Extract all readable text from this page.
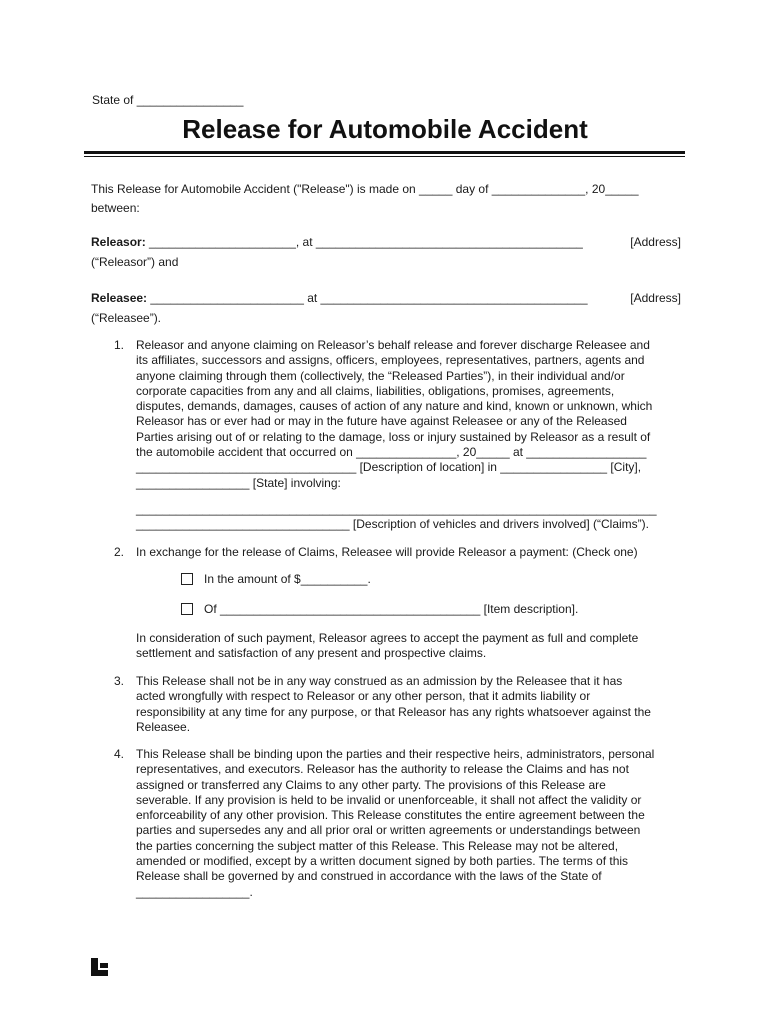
State of ________________
Release for Automobile Accident
This Release for Automobile Accident ("Release") is made on _____ day of ______________, 20_____ between:
Releasor: ______________________, at ________________________________________	[Address]
(“Releasor”) and
Releasee: _______________________ at ________________________________________	[Address]
(“Releasee”).
1. Releasor and anyone claiming on Releasor’s behalf release and forever discharge Releasee and
its affiliates, successors and assigns, officers, employees, representatives, partners, agents and
anyone claiming through them (collectively, the “Released Parties”), in their individual and/or
corporate capacities from any and all claims, liabilities, obligations, promises, agreements,
disputes, demands, damages, causes of action of any nature and kind, known or unknown, which
Releasor has or ever had or may in the future have against Releasee or any of the Released
Parties arising out of or relating to the damage, loss or injury sustained by Releasor as a result of
the automobile accident that occurred on _______________, 20_____ at __________________
_________________________________ [Description of location] in ________________ [City],
_________________ [State] involving:
______________________________________________________________________________
________________________________ [Description of vehicles and drivers involved] (“Claims”).
2. In exchange for the release of Claims, Releasee will provide Releasor a payment: (Check one)
In the amount of $__________.
Of _______________________________________ [Item description].
In consideration of such payment, Releasor agrees to accept the payment as full and complete
settlement and satisfaction of any present and prospective claims.
3. This Release shall not be in any way construed as an admission by the Releasee that it has
acted wrongfully with respect to Releasor or any other person, that it admits liability or
responsibility at any time for any purpose, or that Releasor has any rights whatsoever against the
Releasee.
4. This Release shall be binding upon the parties and their respective heirs, administrators, personal
representatives, and executors. Releasor has the authority to release the Claims and has not
assigned or transferred any Claims to any other party. The provisions of this Release are
severable. If any provision is held to be invalid or unenforceable, it shall not affect the validity or
enforceability of any other provision. This Release constitutes the entire agreement between the
parties and supersedes any and all prior oral or written agreements or understandings between
the parties concerning the subject matter of this Release. This Release may not be altered,
amended or modified, except by a written document signed by both parties. The terms of this
Release shall be governed by and construed in accordance with the laws of the State of
_________________.
